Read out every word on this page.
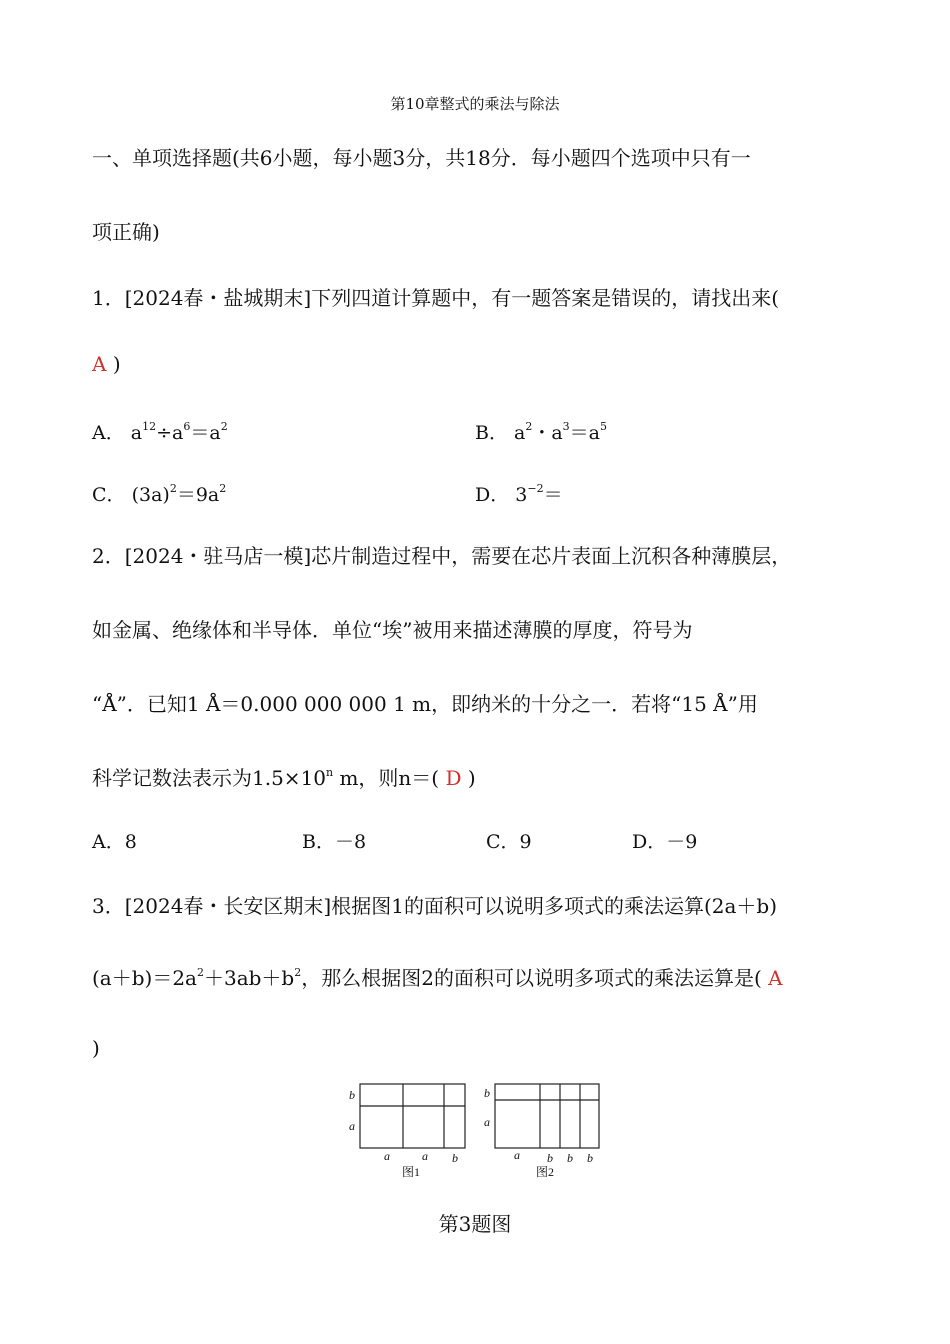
第10章整式的乘法与除法
一、单项选择题(共6小题，每小题3分，共18分．每小题四个选项中只有一
项正确)
1．[2024春・盐城期末]下列四道计算题中，有一题答案是错误的，请找出来(
A )
A． $a^{12}\div a^6=a^2$	B． $a^2$・$a^3=a^5$
C． $(3a)^2=9a^2$	D． $3^{-2}=$
2．[2024・驻马店一模]芯片制造过程中，需要在芯片表面上沉积各种薄膜层，
如金属、绝缘体和半导体．单位“埃”被用来描述薄膜的厚度，符号为
“Å”．已知1 Å＝0.000 000 000 1 m，即纳米的十分之一．若将“15 Å”用
科学记数法表示为$1.5\times 10^n$ m，则n＝( D )
A．8	B．－8	C．9	D．－9
3．[2024春・长安区期末]根据图1的面积可以说明多项式的乘法运算(2a＋b)
$(a+b)=2a^2+3ab+b^2$，那么根据图2的面积可以说明多项式的乘法运算是( A
)
b
a
a	a b
图1
b
a
a b b b
图2
第3题图
